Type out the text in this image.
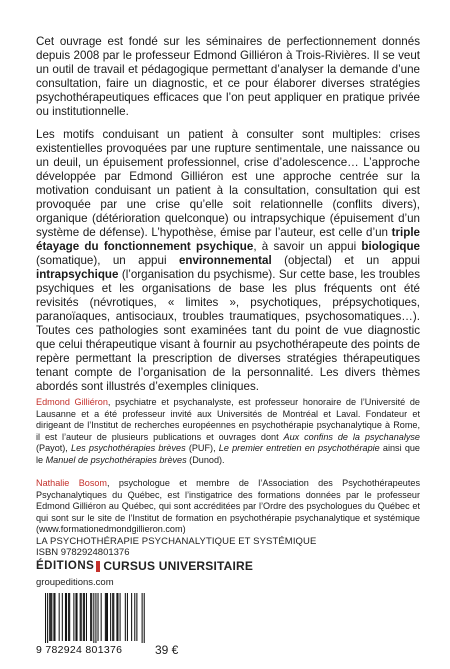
Cet ouvrage est fondé sur les séminaires de perfectionnement donnés depuis 2008 par le professeur Edmond Gilliéron à Trois-Rivières. Il se veut un outil de travail et pédagogique permettant d’analyser la demande d’une consultation, faire un diagnostic, et ce pour élaborer diverses stratégies psychothérapeutiques efficaces que l’on peut appliquer en pratique privée ou institutionnelle.

Les motifs conduisant un patient à consulter sont multiples: crises existentielles provoquées par une rupture sentimentale, une naissance ou un deuil, un épuisement professionnel, crise d’adolescence… L’approche développée par Edmond Gilliéron est une approche centrée sur la motivation conduisant un patient à la consultation, consultation qui est provoquée par une crise qu’elle soit relationnelle (conflits divers), organique (détérioration quelconque) ou intrapsychique (épuisement d’un système de défense). L’hypothèse, émise par l’auteur, est celle d’un triple étayage du fonctionnement psychique, à savoir un appui biologique (somatique), un appui environnemental (objectal) et un appui intrapsychique (l’organisation du psychisme). Sur cette base, les troubles psychiques et les organisations de base les plus fréquents ont été revisités (névrotiques, « limites », psychotiques, prépsychotiques, paranoïaques, antisociaux, troubles traumatiques, psychosomatiques…). Toutes ces pathologies sont examinées tant du point de vue diagnostic que celui thérapeutique visant à fournir au psychothérapeute des points de repère permettant la prescription de diverses stratégies thérapeutiques tenant compte de l’organisation de la personnalité. Les divers thèmes abordés sont illustrés d’exemples cliniques.

Edmond Gilliéron, psychiatre et psychanalyste, est professeur honoraire de l’Université de Lausanne et a été professeur invité aux Universités de Montréal et Laval. Fondateur et dirigeant de l’Institut de recherches européennes en psychothérapie psychanalytique à Rome, il est l’auteur de plusieurs publications et ouvrages dont Aux confins de la psychanalyse (Payot), Les psychothérapies brèves (PUF), Le premier entretien en psychothérapie ainsi que le Manuel de psychothérapies brèves (Dunod).

Nathalie Bosom, psychologue et membre de l’Association des Psychothérapeutes Psychanalytiques du Québec, est l’instigatrice des formations données par le professeur Edmond Gilliéron au Québec, qui sont accréditées par l’Ordre des psychologues du Québec et qui sont sur le site de l’Institut de formation en psychothérapie psychanalytique et systémique (www.formationedmondgillieron.com)

LA PSYCHOTHÉRAPIE PSYCHANALYTIQUE ET SYSTÉMIQUE
ISBN 9782924801376
ÉDITIONS CURSUS UNIVERSITAIRE
groupeditions.com
9 782924 801376	39 €
